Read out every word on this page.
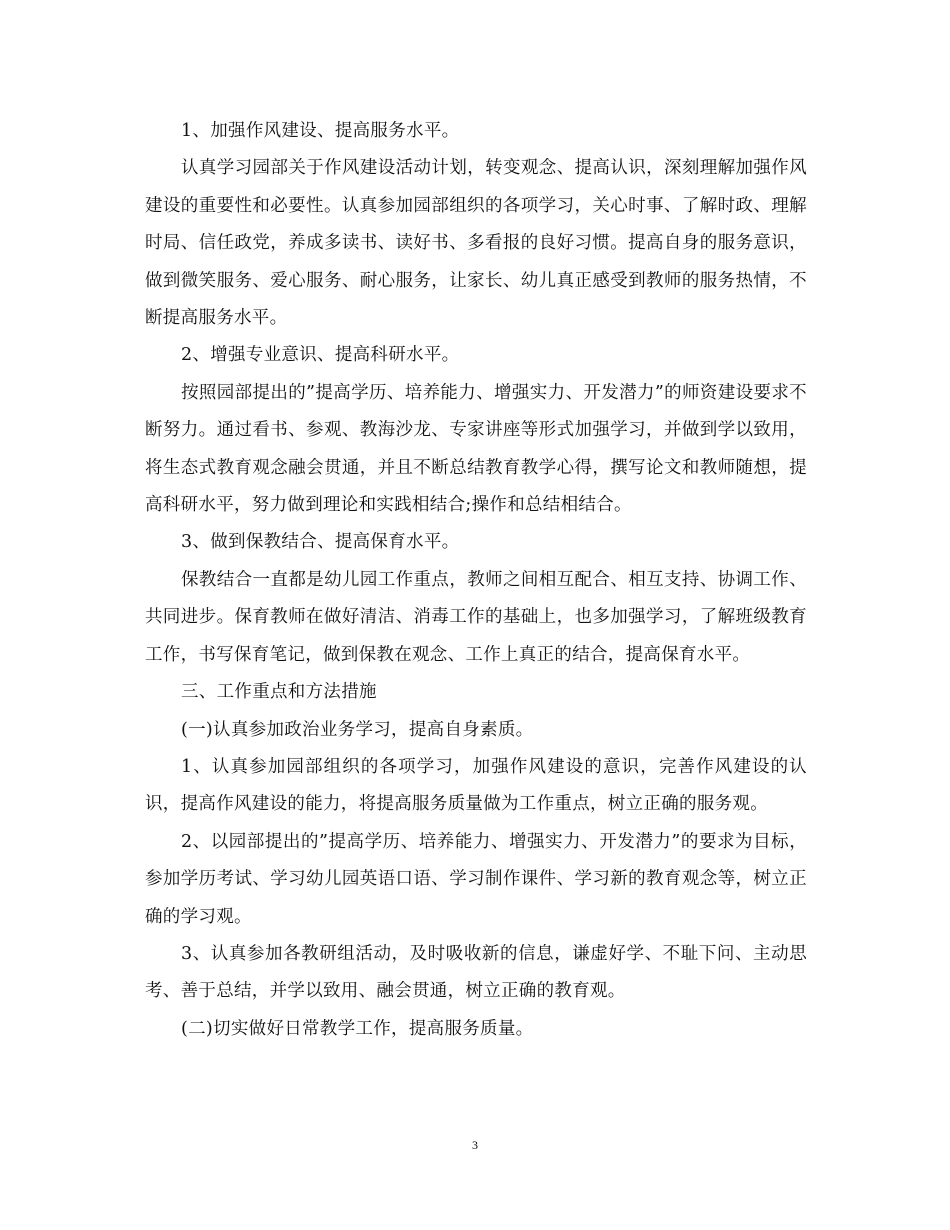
1、加强作风建设、提高服务水平。

认真学习园部关于作风建设活动计划，转变观念、提高认识，深刻理解加强作风建设的重要性和必要性。认真参加园部组织的各项学习，关心时事、了解时政、理解时局、信任政党，养成多读书、读好书、多看报的良好习惯。提高自身的服务意识，做到微笑服务、爱心服务、耐心服务，让家长、幼儿真正感受到教师的服务热情，不断提高服务水平。

2、增强专业意识、提高科研水平。

按照园部提出的”提高学历、培养能力、增强实力、开发潜力”的师资建设要求不断努力。通过看书、参观、教海沙龙、专家讲座等形式加强学习，并做到学以致用，将生态式教育观念融会贯通，并且不断总结教育教学心得，撰写论文和教师随想，提高科研水平，努力做到理论和实践相结合;操作和总结相结合。

3、做到保教结合、提高保育水平。

保教结合一直都是幼儿园工作重点，教师之间相互配合、相互支持、协调工作、共同进步。保育教师在做好清洁、消毒工作的基础上，也多加强学习，了解班级教育工作，书写保育笔记，做到保教在观念、工作上真正的结合，提高保育水平。

三、工作重点和方法措施

(一)认真参加政治业务学习，提高自身素质。

1、认真参加园部组织的各项学习，加强作风建设的意识，完善作风建设的认识，提高作风建设的能力，将提高服务质量做为工作重点，树立正确的服务观。

2、以园部提出的”提高学历、培养能力、增强实力、开发潜力”的要求为目标，参加学历考试、学习幼儿园英语口语、学习制作课件、学习新的教育观念等，树立正确的学习观。

3、认真参加各教研组活动，及时吸收新的信息，谦虚好学、不耻下问、主动思考、善于总结，并学以致用、融会贯通，树立正确的教育观。

(二)切实做好日常教学工作，提高服务质量。

3
